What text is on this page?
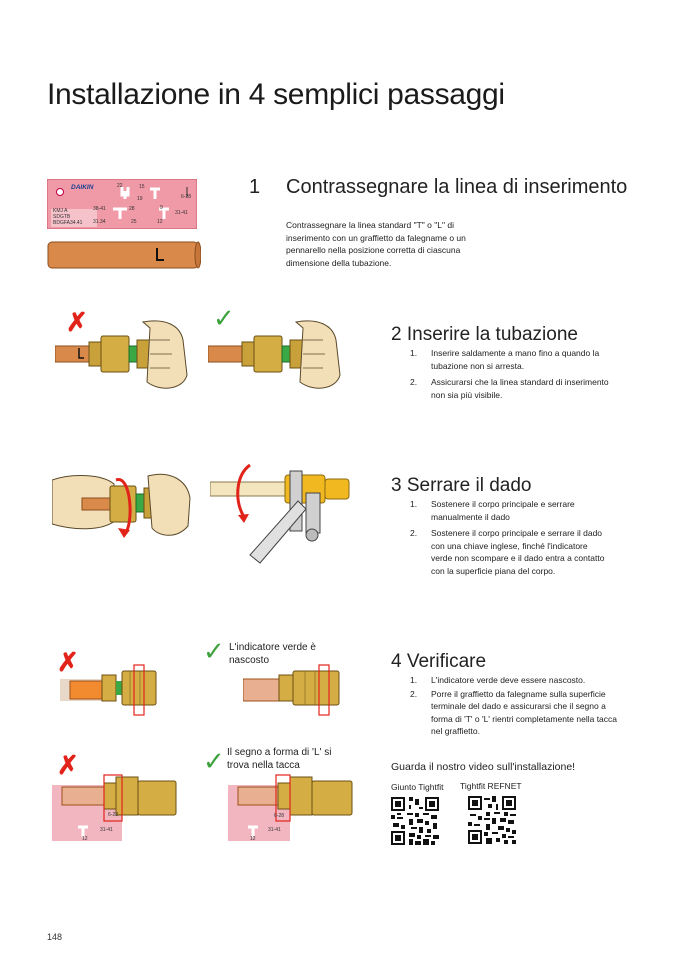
Installazione in 4 semplici passaggi
DAIKIN
KMJ A
SDGTB
BDGFA34.41
22	15
19	6-28
38-41	28	9
31-41
31.34	25	12
1 Contrassegnare la linea di inserimento
Contrassegnare la linea standard "T" o "L" di inserimento con un graffietto da falegname o un pennarello nella posizione corretta di ciascuna dimensione della tubazione.
✗	✓
2 Inserire la tubazione
1. Inserire saldamente a mano fino a quando la tubazione non si arresta.
2. Assicurarsi che la linea standard di inserimento non sia più visibile.
3 Serrare il dado
1. Sostenere il corpo principale e serrare manualmente il dado
2. Sostenere il corpo principale e serrare il dado con una chiave inglese, finché l'indicatore verde non scompare e il dado entra a contatto con la superficie piana del corpo.
✓ L'indicatore verde è nascosto
✗	4 Verificare
1. L'indicatore verde deve essere nascosto.
2. Porre il graffietto da falegname sulla superficie terminale del dado e assicurarsi che il segno a forma di 'T' o 'L' rientri completamente nella tacca nel graffietto.
✓ Il segno a forma di 'L' si trova nella tacca
✗
6-28
31-41
12
6-28
31-41
12
Guarda il nostro video sull'installazione!
Giunto Tightfit Tightfit REFNET
148
